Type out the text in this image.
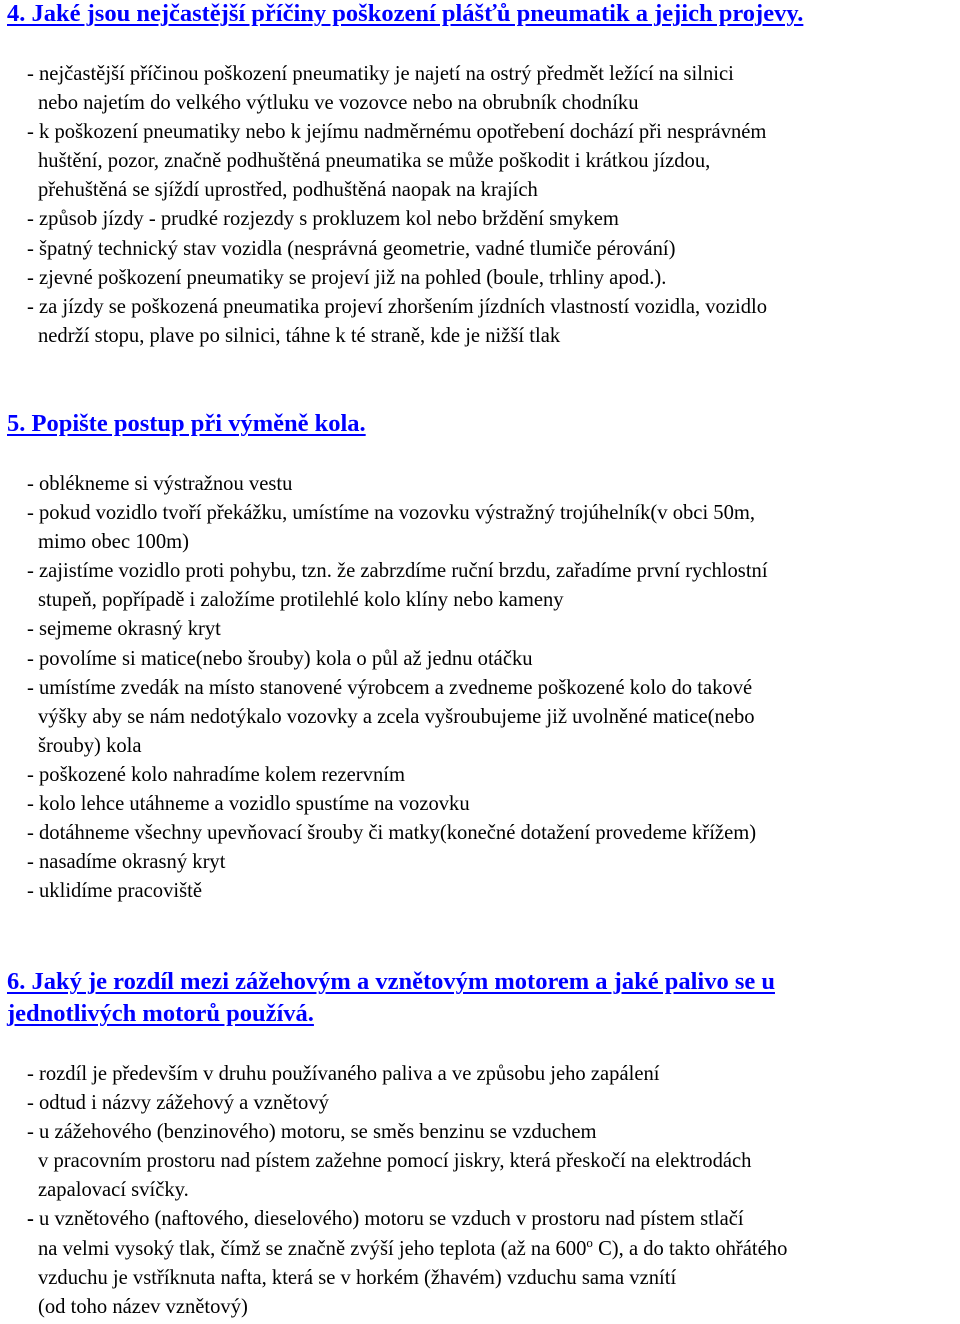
4. Jaké jsou nejčastější příčiny poškození plášťů pneumatik a jejich projevy.
- nejčastější příčinou poškození pneumatiky je najetí na ostrý předmět ležící na silnici
nebo najetím do velkého výtluku ve vozovce nebo na obrubník chodníku
- k poškození pneumatiky nebo k jejímu nadměrnému opotřebení dochází při nesprávném
huštění, pozor, značně podhuštěná pneumatika se může poškodit i krátkou jízdou,
přehuštěná se sjíždí uprostřed, podhuštěná naopak na krajích
- způsob jízdy - prudké rozjezdy s prokluzem kol nebo brždění smykem
- špatný technický stav vozidla (nesprávná geometrie, vadné tlumiče pérování)
- zjevné poškození pneumatiky se projeví již na pohled (boule, trhliny apod.).
- za jízdy se poškozená pneumatika projeví zhoršením jízdních vlastností vozidla, vozidlo
nedrží stopu, plave po silnici, táhne k té straně, kde je nižší tlak
5. Popište postup při výměně kola.
- oblékneme si výstražnou vestu
- pokud vozidlo tvoří překážku, umístíme na vozovku výstražný trojúhelník(v obci 50m,
mimo obec 100m)
- zajistíme vozidlo proti pohybu, tzn. že zabrzdíme ruční brzdu, zařadíme první rychlostní
stupeň, popřípadě i založíme protilehlé kolo klíny nebo kameny
- sejmeme okrasný kryt
- povolíme si matice(nebo šrouby) kola o půl až jednu otáčku
- umístíme zvedák na místo stanovené výrobcem a zvedneme poškozené kolo do takové
výšky aby se nám nedotýkalo vozovky a zcela vyšroubujeme již uvolněné matice(nebo
šrouby) kola
- poškozené kolo nahradíme kolem rezervním
- kolo lehce utáhneme a vozidlo spustíme na vozovku
- dotáhneme všechny upevňovací šrouby či matky(konečné dotažení provedeme křížem)
- nasadíme okrasný kryt
- uklidíme pracoviště
6. Jaký je rozdíl mezi zážehovým a vznětovým motorem a jaké palivo se u
jednotlivých motorů používá.
- rozdíl je především v druhu používaného paliva a ve způsobu jeho zapálení
- odtud i názvy zážehový a vznětový
- u zážehového (benzinového) motoru, se směs benzinu se vzduchem
v pracovním prostoru nad pístem zažehne pomocí jiskry, která přeskočí na elektrodách
zapalovací svíčky.
- u vznětového (naftového, dieselového) motoru se vzduch v prostoru nad pístem stlačí
na velmi vysoký tlak, čímž se značně zvýší jeho teplota (až na 600$^o$ C), a do takto ohřátého
vzduchu je vstříknuta nafta, která se v horkém (žhavém) vzduchu sama vznítí
(od toho název vznětový)
